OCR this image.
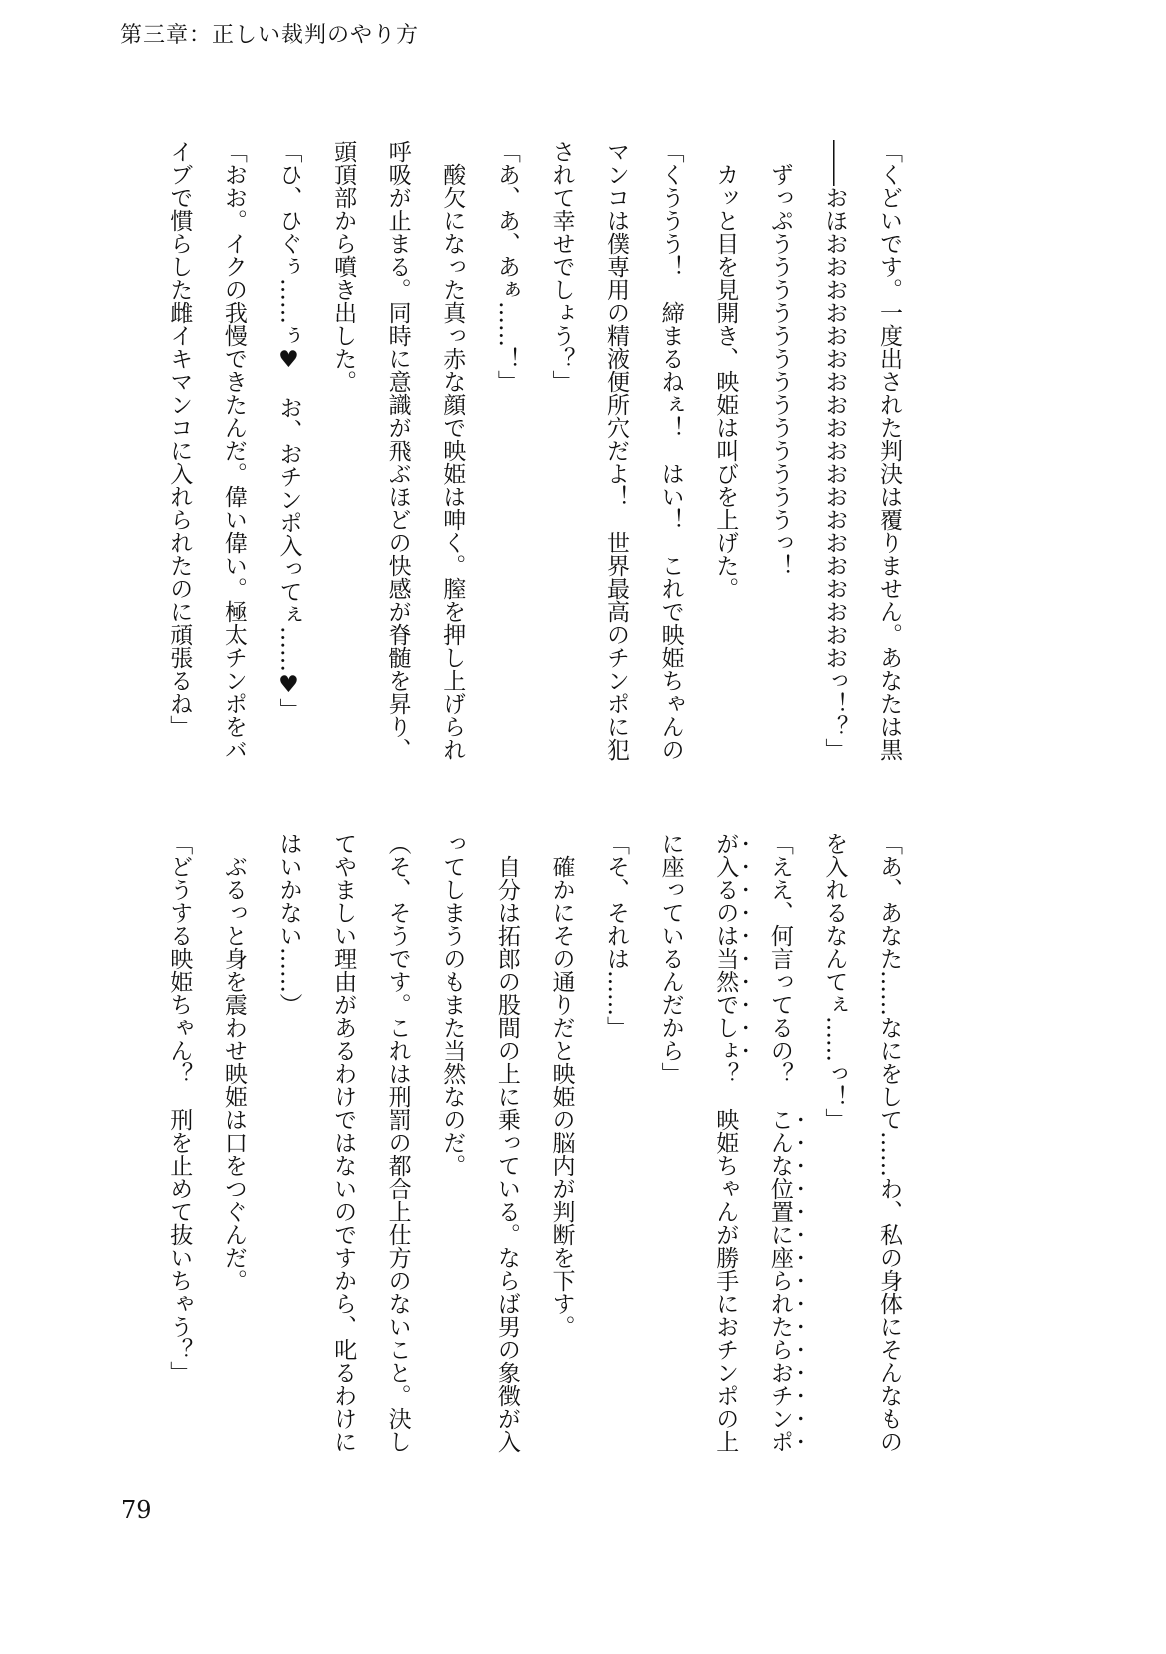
第三章：正しい裁判のやり方
「くどいです。一度出された判決は覆りません。あなたは黒
――おほおおおおおおおおおおおおおおおおおおおっ！？」
　ずっぷうううううううううううううっ！
　カッと目を見開き、映姫は叫びを上げた。
「くううう！　締まるねぇ！　はい！　これで映姫ちゃんの
マンコは僕専用の精液便所穴だよ！　世界最高のチンポに犯
されて幸せでしょう？」
「あ、あ、あぁ……！」
　酸欠になった真っ赤な顔で映姫は呻く。膣を押し上げられ
呼吸が止まる。同時に意識が飛ぶほどの快感が脊髄を昇り、
頭頂部から噴き出した。
「ひ、ひぐぅ……ぅ♥　お、おチンポ入ってぇ……♥」
「おお。イクの我慢できたんだ。偉い偉い。極太チンポをバ
イブで慣らした雌イキマンコに入れられたのに頑張るね」
「あ、あなた……なにをして……わ、私の身体にそんなもの
を入れるなんてぇ……っ！」
「ええ、何言ってるの？　こんな位置に座られたらおチンポ
が入るのは当然でしょ？　映姫ちゃんが勝手におチンポの上
に座っているんだから」
「そ、それは……」
　確かにその通りだと映姫の脳内が判断を下す。
　自分は拓郎の股間の上に乗っている。ならば男の象徴が入
ってしまうのもまた当然なのだ。
（そ、そうです。これは刑罰の都合上仕方のないこと。決し
てやましい理由があるわけではないのですから、叱るわけに
はいかない……）
　ぶるっと身を震わせ映姫は口をつぐんだ。
「どうする映姫ちゃん？　刑を止めて抜いちゃう？」
79
